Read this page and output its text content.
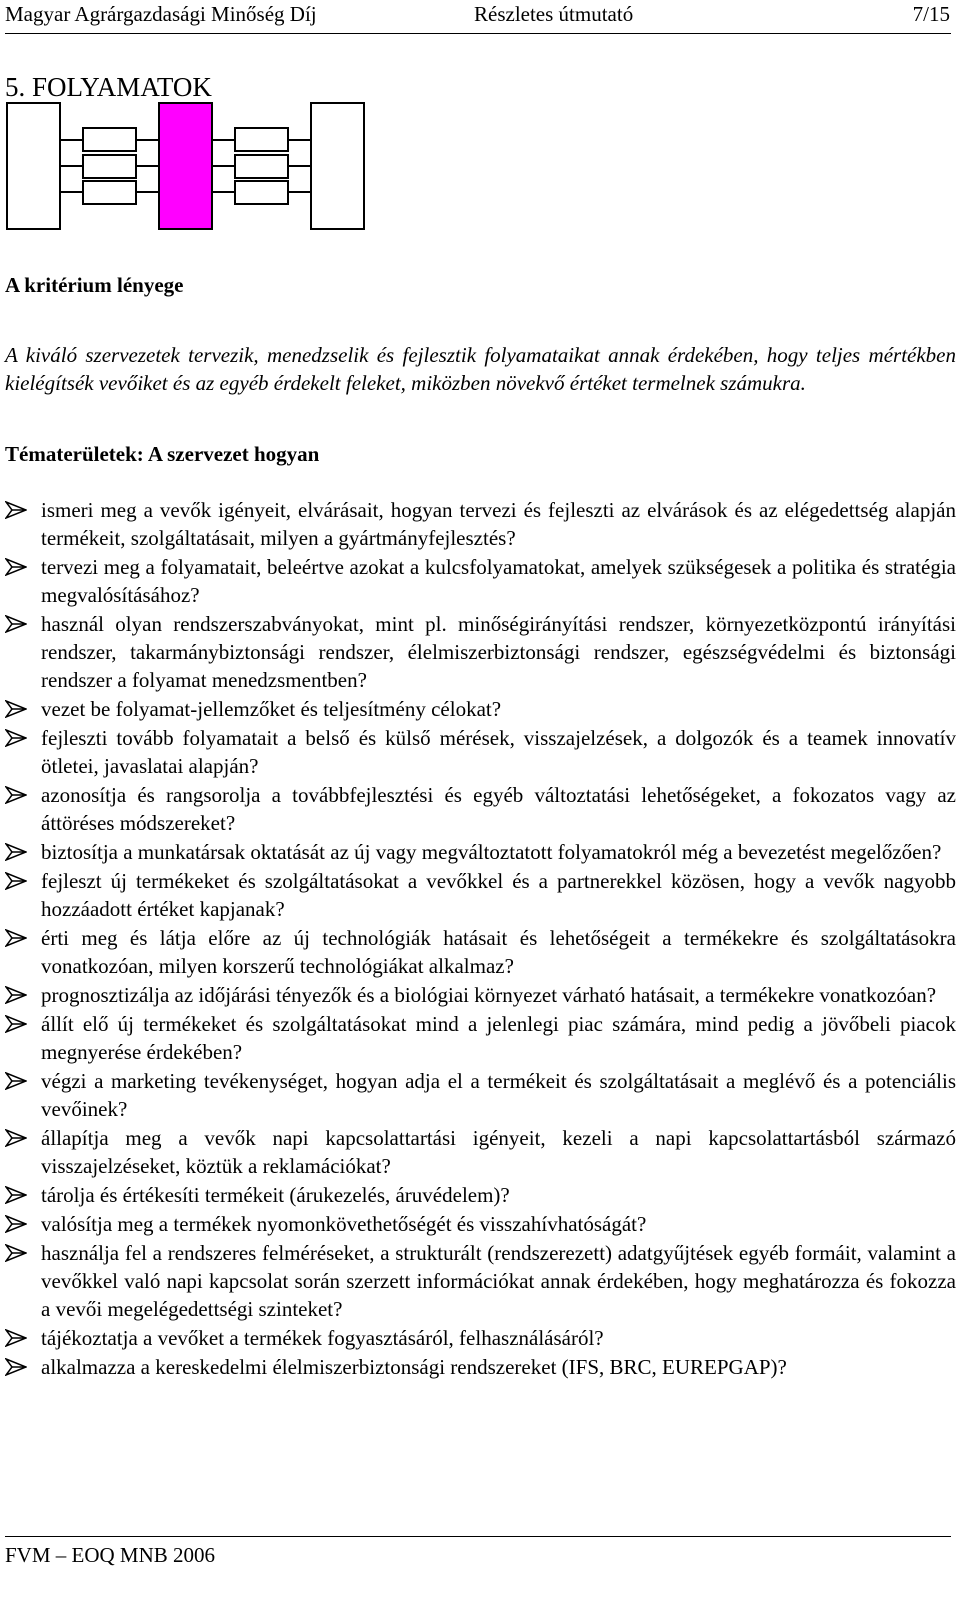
Magyar Agrárgazdasági Minőség Díj	Részletes útmutató	7/15
5. FOLYAMATOK
A kritérium lényege
A kiváló szervezetek tervezik, menedzselik és fejlesztik folyamataikat annak érdekében, hogy teljes mértékben kielégítsék vevőiket és az egyéb érdekelt feleket, miközben növekvő értéket termelnek számukra.
Tématerületek: A szervezet hogyan
ismeri meg a vevők igényeit, elvárásait, hogyan tervezi és fejleszti az elvárások és az elégedettség alapján termékeit, szolgáltatásait, milyen a gyártmányfejlesztés?
tervezi meg a folyamatait, beleértve azokat a kulcsfolyamatokat, amelyek szükségesek a politika és stratégia megvalósításához?
használ olyan rendszerszabványokat, mint pl. minőségirányítási rendszer, környezetközpontú irányítási rendszer, takarmánybiztonsági rendszer, élelmiszerbiztonsági rendszer, egészségvédelmi és biztonsági rendszer a folyamat menedzsmentben?
vezet be folyamat-jellemzőket és teljesítmény célokat?
fejleszti tovább folyamatait a belső és külső mérések, visszajelzések, a dolgozók és a teamek innovatív ötletei, javaslatai alapján?
azonosítja és rangsorolja a továbbfejlesztési és egyéb változtatási lehetőségeket, a fokozatos vagy az áttöréses módszereket?
biztosítja a munkatársak oktatását az új vagy megváltoztatott folyamatokról még a bevezetést megelőzően?
fejleszt új termékeket és szolgáltatásokat a vevőkkel és a partnerekkel közösen, hogy a vevők nagyobb hozzáadott értéket kapjanak?
érti meg és látja előre az új technológiák hatásait és lehetőségeit a termékekre és szolgáltatásokra vonatkozóan, milyen korszerű technológiákat alkalmaz?
prognosztizálja az időjárási tényezők és a biológiai környezet várható hatásait, a termékekre vonatkozóan?
állít elő új termékeket és szolgáltatásokat mind a jelenlegi piac számára, mind pedig a jövőbeli piacok megnyerése érdekében?
végzi a marketing tevékenységet, hogyan adja el a termékeit és szolgáltatásait a meglévő és a potenciális vevőinek?
állapítja meg a vevők napi kapcsolattartási igényeit, kezeli a napi kapcsolattartásból származó visszajelzéseket, köztük a reklamációkat?
tárolja és értékesíti termékeit (árukezelés, áruvédelem)?
valósítja meg a termékek nyomonkövethetőségét és visszahívhatóságát?
használja fel a rendszeres felméréseket, a strukturált (rendszerezett) adatgyűjtések egyéb formáit, valamint a vevőkkel való napi kapcsolat során szerzett információkat annak érdekében, hogy meghatározza és fokozza a vevői megelégedettségi szinteket?
tájékoztatja a vevőket a termékek fogyasztásáról, felhasználásáról?
alkalmazza a kereskedelmi élelmiszerbiztonsági rendszereket (IFS, BRC, EUREPGAP)?
FVM – EOQ MNB 2006
